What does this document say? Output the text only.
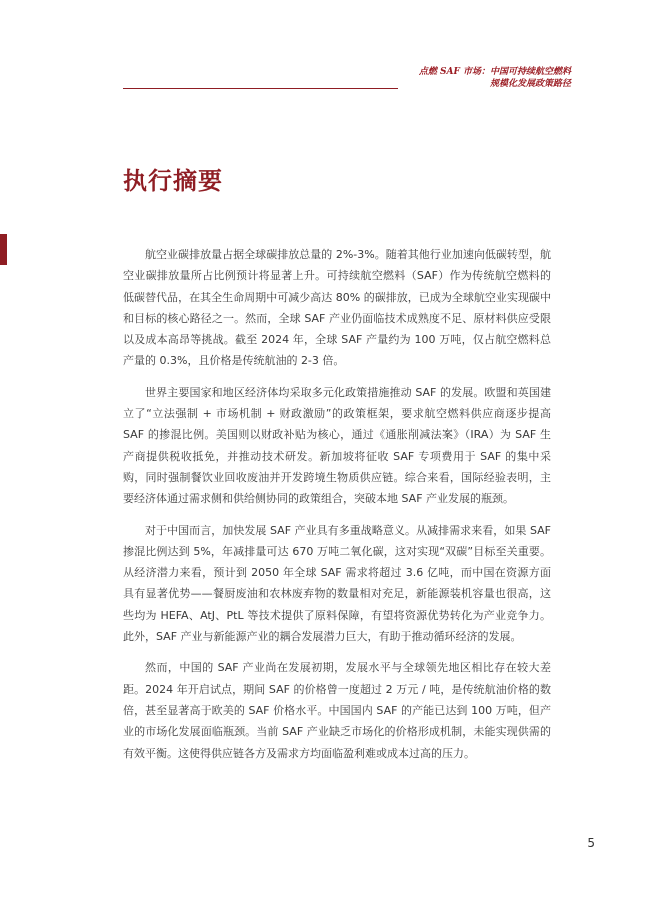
点燃 SAF 市场：中国可持续航空燃料
规模化发展政策路径
执行摘要

航空业碳排放量占据全球碳排放总量的 2%-3%。随着其他行业加速向低碳转型，航空业碳排放量所占比例预计将显著上升。可持续航空燃料（SAF）作为传统航空燃料的低碳替代品，在其全生命周期中可减少高达 80% 的碳排放，已成为全球航空业实现碳中和目标的核心路径之一。然而，全球 SAF 产业仍面临技术成熟度不足、原材料供应受限以及成本高昂等挑战。截至 2024 年，全球 SAF 产量约为 100 万吨，仅占航空燃料总产量的 0.3%，且价格是传统航油的 2-3 倍。

世界主要国家和地区经济体均采取多元化政策措施推动 SAF 的发展。欧盟和英国建立了“立法强制 + 市场机制 + 财政激励”的政策框架，要求航空燃料供应商逐步提高 SAF 的掺混比例。美国则以财政补贴为核心，通过《通胀削减法案》（IRA）为 SAF 生产商提供税收抵免，并推动技术研发。新加坡将征收 SAF 专项费用于 SAF 的集中采购，同时强制餐饮业回收废油并开发跨境生物质供应链。综合来看，国际经验表明，主要经济体通过需求侧和供给侧协同的政策组合，突破本地 SAF 产业发展的瓶颈。

对于中国而言，加快发展 SAF 产业具有多重战略意义。从减排需求来看，如果 SAF 掺混比例达到 5%，年减排量可达 670 万吨二氧化碳，这对实现“双碳”目标至关重要。从经济潜力来看，预计到 2050 年全球 SAF 需求将超过 3.6 亿吨，而中国在资源方面具有显著优势——餐厨废油和农林废弃物的数量相对充足，新能源装机容量也很高，这些均为 HEFA、AtJ、PtL 等技术提供了原料保障，有望将资源优势转化为产业竞争力。此外，SAF 产业与新能源产业的耦合发展潜力巨大，有助于推动循环经济的发展。

然而，中国的 SAF 产业尚在发展初期，发展水平与全球领先地区相比存在较大差距。2024 年开启试点，期间 SAF 的价格曾一度超过 2 万元 / 吨，是传统航油价格的数倍，甚至显著高于欧美的 SAF 价格水平。中国国内 SAF 的产能已达到 100 万吨，但产业的市场化发展面临瓶颈。当前 SAF 产业缺乏市场化的价格形成机制，未能实现供需的有效平衡。这使得供应链各方及需求方均面临盈利难或成本过高的压力。

5
